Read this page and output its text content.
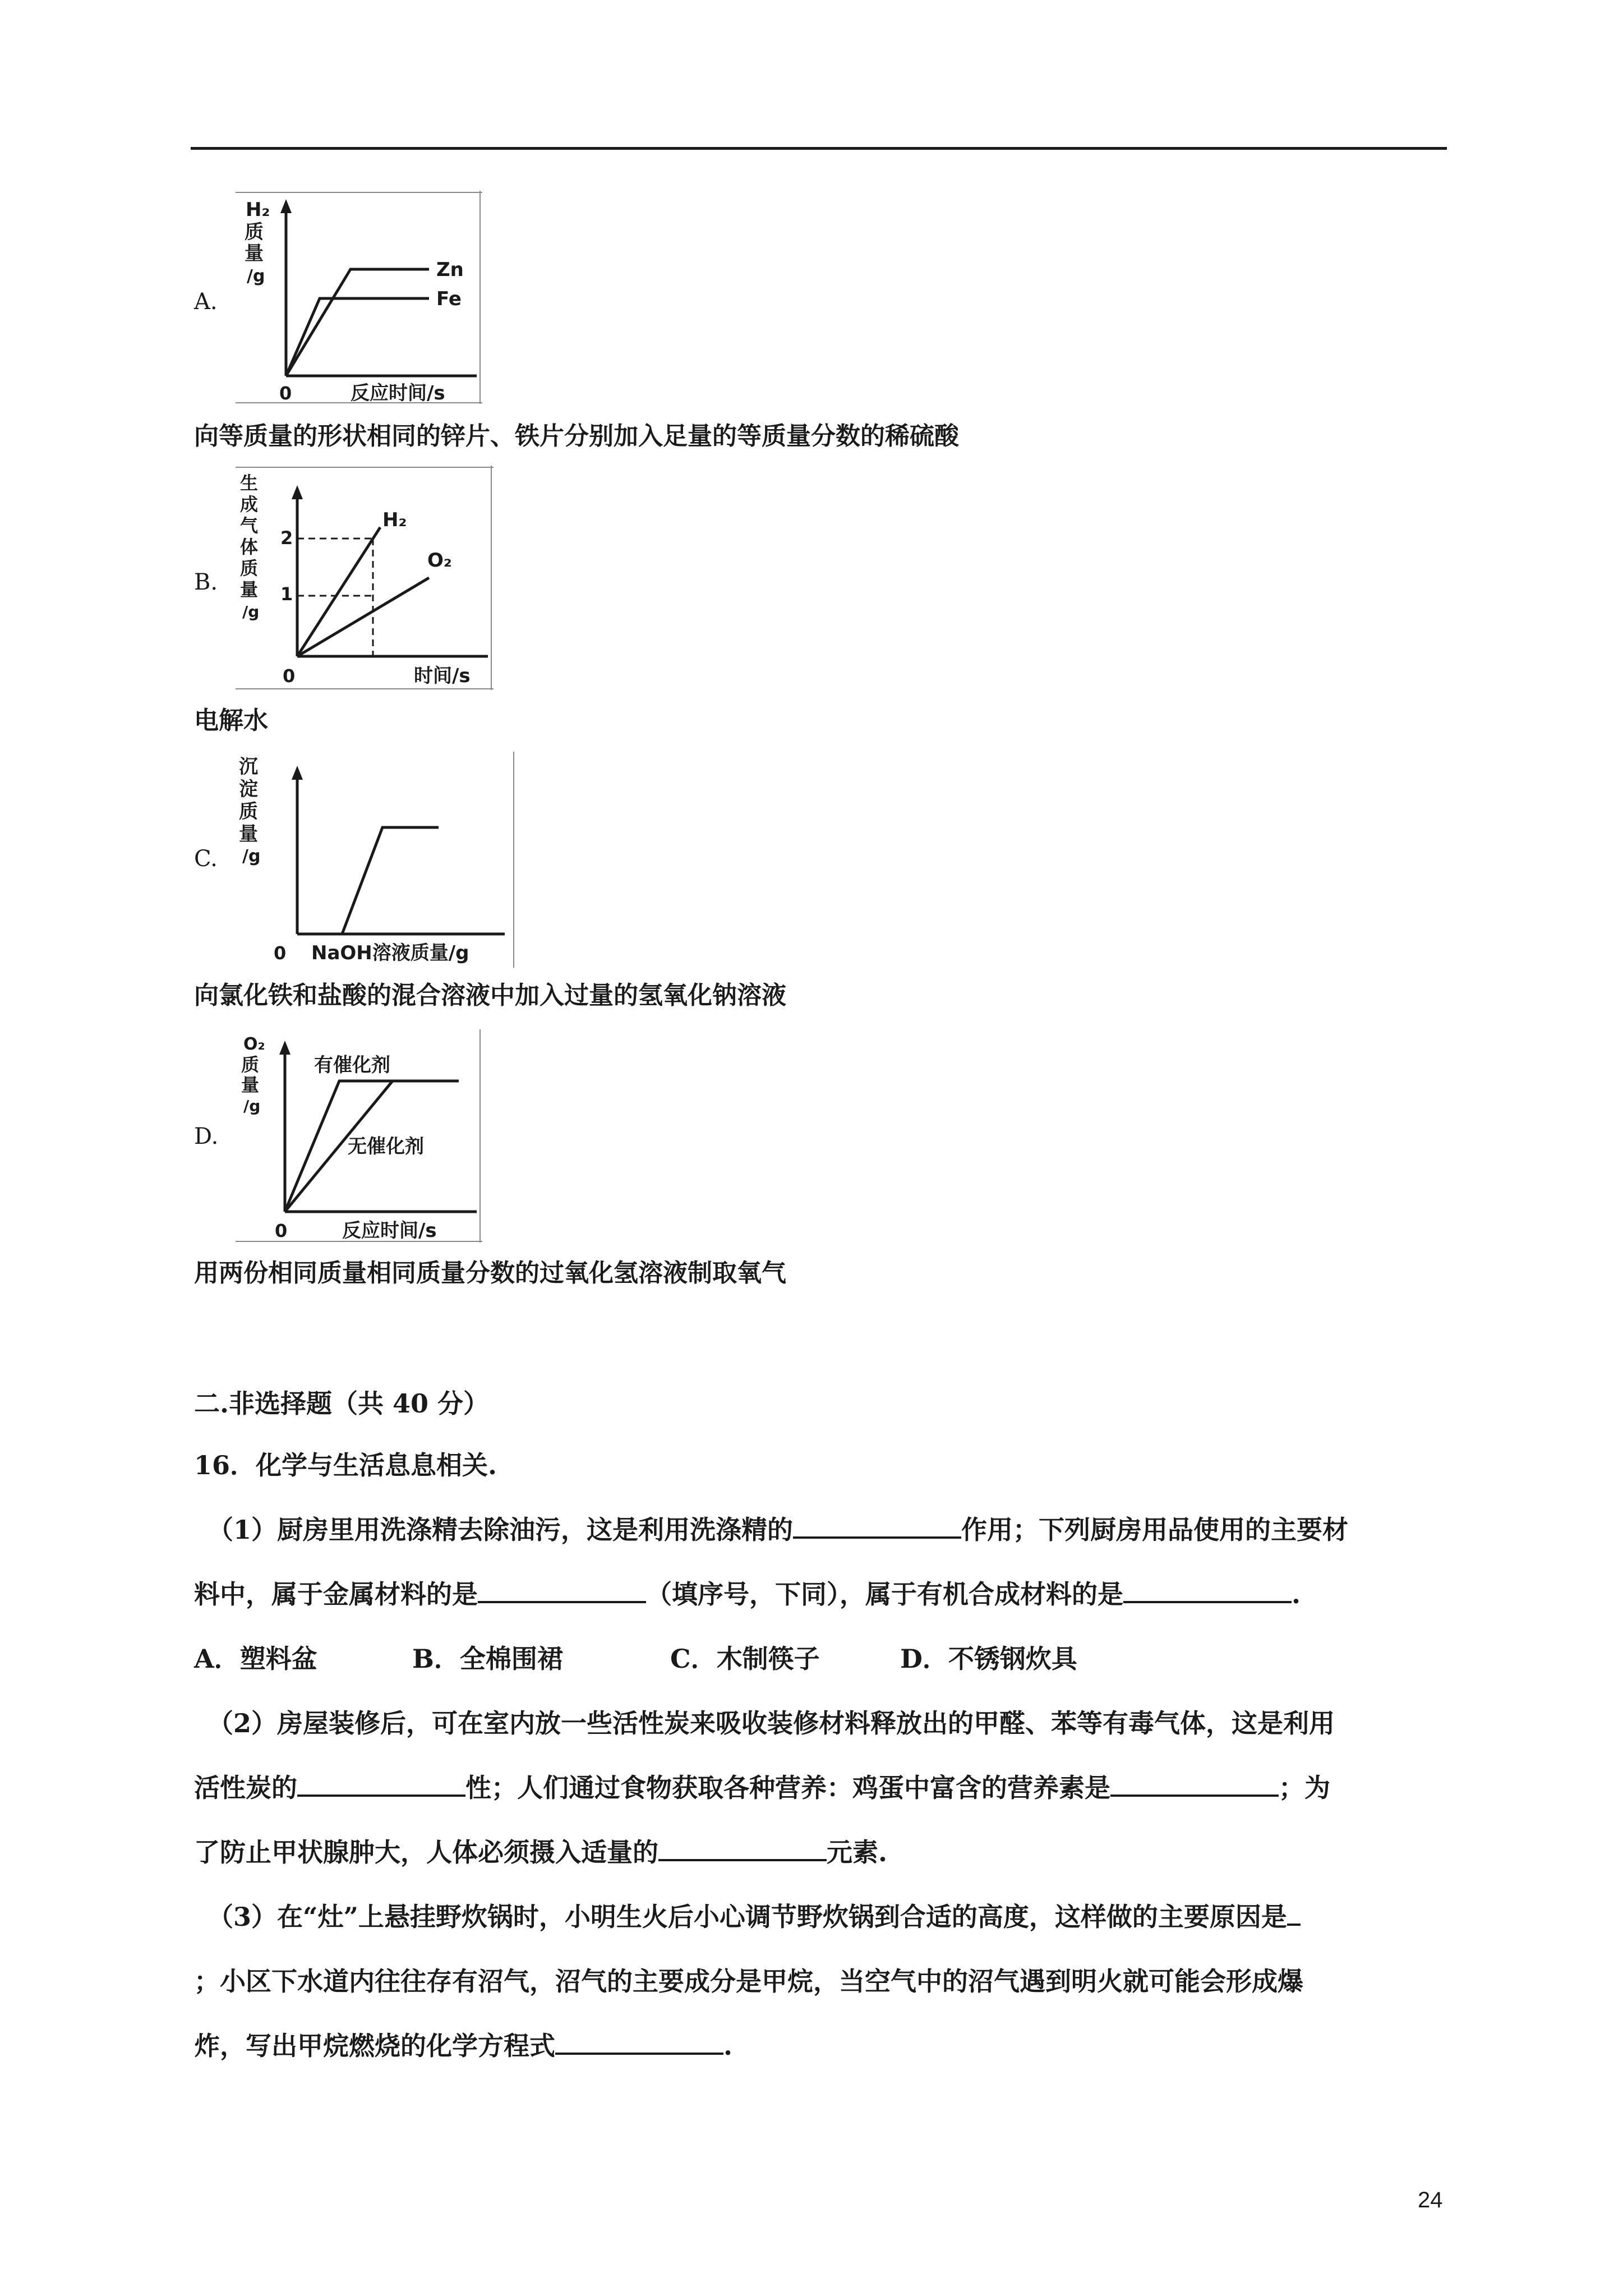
A.
H₂
质
量
/g
0	反应时间/s
Zn
Fe
向等质量的形状相同的锌片、铁片分别加入足量的等质量分数的稀硫酸
B.
生
成
气
体
质
量
/g
2
1
H₂
O₂
0	时间/s
电解水
C.
沉
淀
质
量
/g
0 NaOH溶液质量/g
向氯化铁和盐酸的混合溶液中加入过量的氢氧化钠溶液
D.
O₂
质
量
/g
有催化剂
无催化剂
0	反应时间/s
用两份相同质量相同质量分数的过氧化氢溶液制取氧气
二.非选择题（共 40 分）
16．化学与生活息息相关.
（1）厨房里用洗涤精去除油污，这是利用洗涤精的	作用；下列厨房用品使用的主要材
料中，属于金属材料的是	（填序号，下同），属于有机合成材料的是	.
A．塑料盆	B．全棉围裙	C．木制筷子	D．不锈钢炊具
（2）房屋装修后，可在室内放一些活性炭来吸收装修材料释放出的甲醛、苯等有毒气体，这是利用
活性炭的	性；人们通过食物获取各种营养：鸡蛋中富含的营养素是	；为
了防止甲状腺肿大，人体必须摄入适量的	元素.
（3）在“灶”上悬挂野炊锅时，小明生火后小心调节野炊锅到合适的高度，这样做的主要原因是
；小区下水道内往往存有沼气，沼气的主要成分是甲烷，当空气中的沼气遇到明火就可能会形成爆
炸，写出甲烷燃烧的化学方程式	.
24
